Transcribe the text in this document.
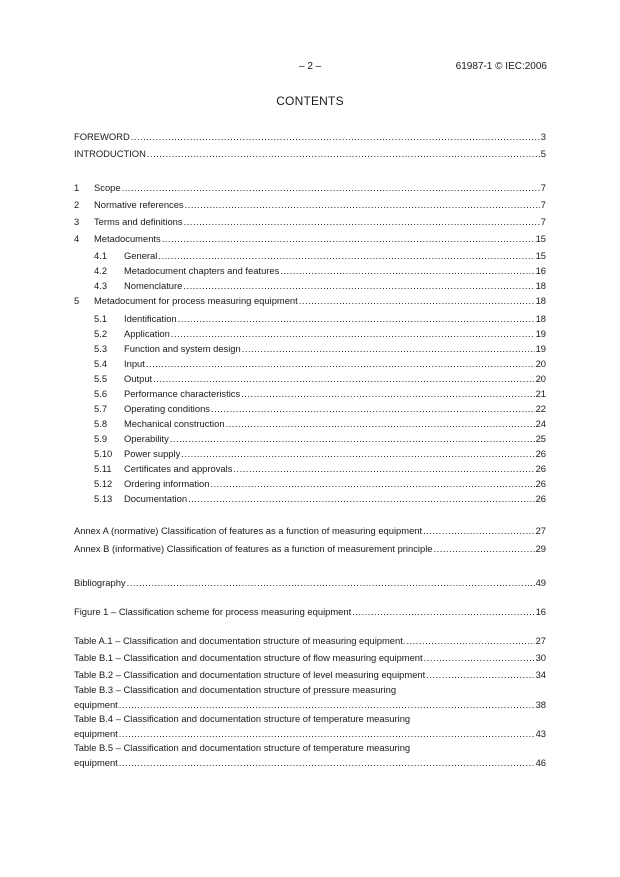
– 2 –	61987-1 © IEC:2006
CONTENTS
FOREWORD .....	3
INTRODUCTION .....	5
1	Scope .....	7
2	Normative references .....	7
3	Terms and definitions .....	7
4	Metadocuments .....	15
4.1	General .....	15
4.2	Metadocument chapters and features .....	16
4.3	Nomenclature .....	18
5	Metadocument for process measuring equipment .....	18
5.1	Identification .....	18
5.2	Application .....	19
5.3	Function and system design .....	19
5.4	Input .....	20
5.5	Output .....	20
5.6	Performance characteristics .....	21
5.7	Operating conditions .....	22
5.8	Mechanical construction .....	24
5.9	Operability .....	25
5.10	Power supply .....	26
5.11	Certificates and approvals .....	26
5.12	Ordering information .....	26
5.13	Documentation .....	26
Annex A (normative) Classification of features as a function of measuring equipment .....	27
Annex B (informative) Classification of features as a function of measurement principle .....	29
Bibliography .....	49
Figure 1 – Classification scheme for process measuring equipment .....	16
Table A.1 – Classification and documentation structure of measuring equipment. .....	27
Table B.1 – Classification and documentation structure of flow measuring equipment .....	30
Table B.2 – Classification and documentation structure of level measuring equipment .....	34
Table B.3 – Classification and documentation structure of pressure measuring
equipment .....	38
Table B.4 – Classification and documentation structure of temperature measuring
equipment .....	43
Table B.5 – Classification and documentation structure of temperature measuring
equipment .....	46
